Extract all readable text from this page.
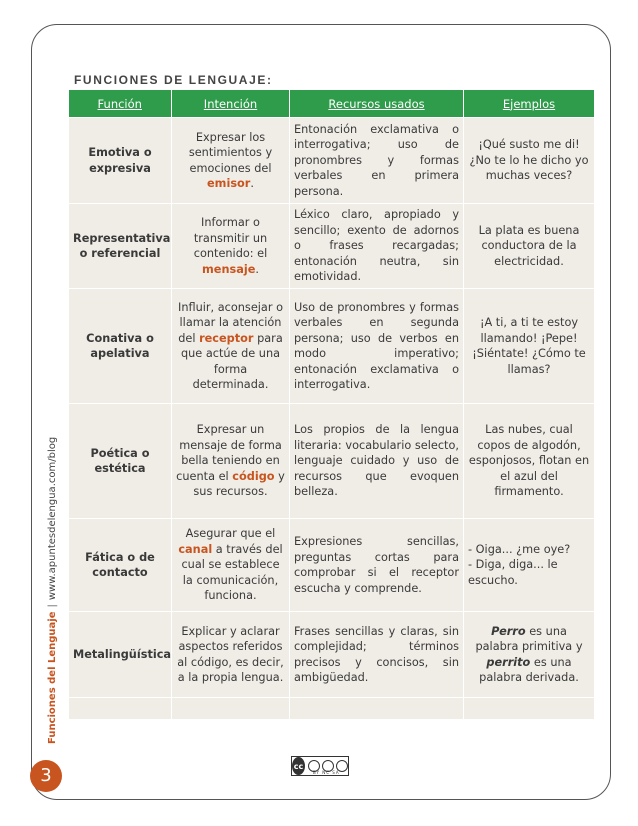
Funciones del Lenguaje|www.apuntesdelengua.com/blog
FUNCIONES DE LENGUAJE:
Función	Intención	Recursos usados	Ejemplos
Emotiva o expresiva	Expresar los sentimientos y emociones del emisor.	Entonación exclamativa o interrogativa; uso de pronombres y formas verbales en primera persona.	¡Qué susto me di! ¿No te lo he dicho yo muchas veces?
Representativa o referencial	Informar o transmitir un contenido: el mensaje.	Léxico claro, apropiado y sencillo; exento de adornos o frases recargadas; entonación neutra, sin emotividad.	La plata es buena conductora de la electricidad.
Conativa o apelativa	Influir, aconsejar o llamar la atención del receptor para que actúe de una forma determinada.	Uso de pronombres y formas verbales en segunda persona; uso de verbos en modo imperativo; entonación exclamativa o interrogativa.	¡A ti, a ti te estoy llamando! ¡Pepe! ¡Siéntate! ¿Cómo te llamas?
Poética o estética	Expresar un mensaje de forma bella teniendo en cuenta el código y sus recursos.	Los propios de la lengua literaria: vocabulario selecto, lenguaje cuidado y uso de recursos que evoquen belleza.	Las nubes, cual copos de algodón, esponjosos, flotan en el azul del firmamento.
Fática o de contacto	Asegurar que el canal a través del cual se establece la comunicación, funciona.	Expresiones sencillas, preguntas cortas para comprobar si el receptor escucha y comprende.	- Oiga... ¿me oye?
- Diga, diga... le escucho.
Metalingüística	Explicar y aclarar aspectos referidos al código, es decir, a la propia lengua.	Frases sencillas y claras, sin complejidad; términos precisos y concisos, sin ambigüedad.	Perro es una palabra primitiva y perrito es una palabra derivada.

cc
BY NC SA
3
